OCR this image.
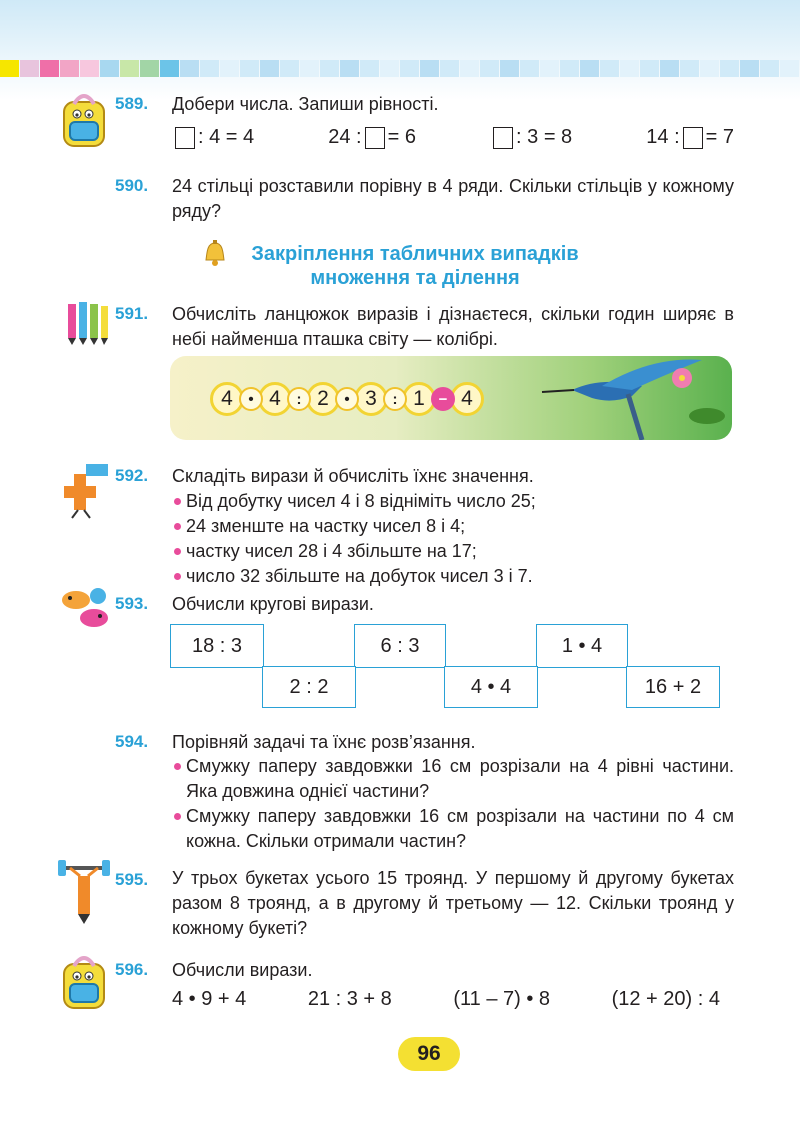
589. Добери числа. Запиши рівності.
: 4 = 4	24 : = 6	: 3 = 8	14 : = 7
590. 24 стільці розставили порівну в 4 ряди. Скільки стільців у кожному ряду?
Закріплення табличних випадків
множення та ділення
591. Обчисліть ланцюжок виразів і дізнаєтеся, скільки годин ширяє в небі найменша пташка світу — колібрі.
4	• 4	: 2	• 3	: 1 − 4
592. Складіть вирази й обчисліть їхнє значення.
Від добутку чисел 4 і 8 відніміть число 25;
24 зменште на частку чисел 8 і 4;
частку чисел 28 і 4 збільште на 17;
число 32 збільште на добуток чисел 3 і 7.
593. Обчисли кругові вирази.
18 : 3	6 : 3	1 • 4
2 : 2	4 • 4	16 + 2
594. Порівняй задачі та їхнє розв’язання.
Смужку паперу завдовжки 16 см розрізали на 4 рівні частини. Яка довжина однієї частини?
Смужку паперу завдовжки 16 см розрізали на частини по 4 см кожна. Скільки отримали частин?
595. У трьох букетах усього 15 троянд. У першому й другому букетах разом 8 троянд, а в другому й третьому — 12. Скільки троянд у кожному букеті?
596. Обчисли вирази.
4 • 9 + 4	21 : 3 + 8	(11 – 7) • 8	(12 + 20) : 4
96
